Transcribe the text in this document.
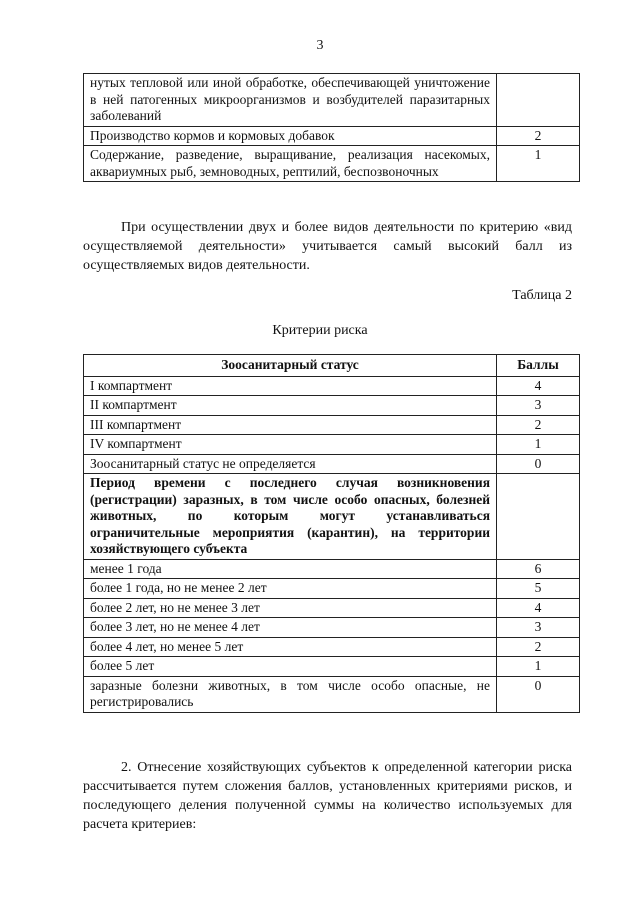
3
нутых тепловой или иной обработке, обеспечивающей уничтожение в ней патогенных микроорганизмов и возбудителей паразитарных заболеваний	
Производство кормов и кормовых добавок	2
Содержание, разведение, выращивание, реализация насекомых, аквариумных рыб, земноводных, рептилий, беспозвоночных	1

При осуществлении двух и более видов деятельности по критерию «вид осуществляемой деятельности» учитывается самый высокий балл из осуществляемых видов деятельности.

Таблица 2
Критерии риска
Зоосанитарный статус	Баллы
I компартмент	4
II компартмент	3
III компартмент	2
IV компартмент	1
Зоосанитарный статус не определяется	0
Период времени с последнего случая возникновения (регистрации) заразных, в том числе особо опасных, болезней животных, по которым могут устанавливаться ограничительные мероприятия (карантин), на территории хозяйствующего субъекта	
менее 1 года	6
более 1 года, но не менее 2 лет	5
более 2 лет, но не менее 3 лет	4
более 3 лет, но не менее 4 лет	3
более 4 лет, но менее 5 лет	2
более 5 лет	1
заразные болезни животных, в том числе особо опасные, не регистрировались	0

2. Отнесение хозяйствующих субъектов к определенной категории риска рассчитывается путем сложения баллов, установленных критериями рисков, и последующего деления полученной суммы на количество используемых для расчета критериев:
